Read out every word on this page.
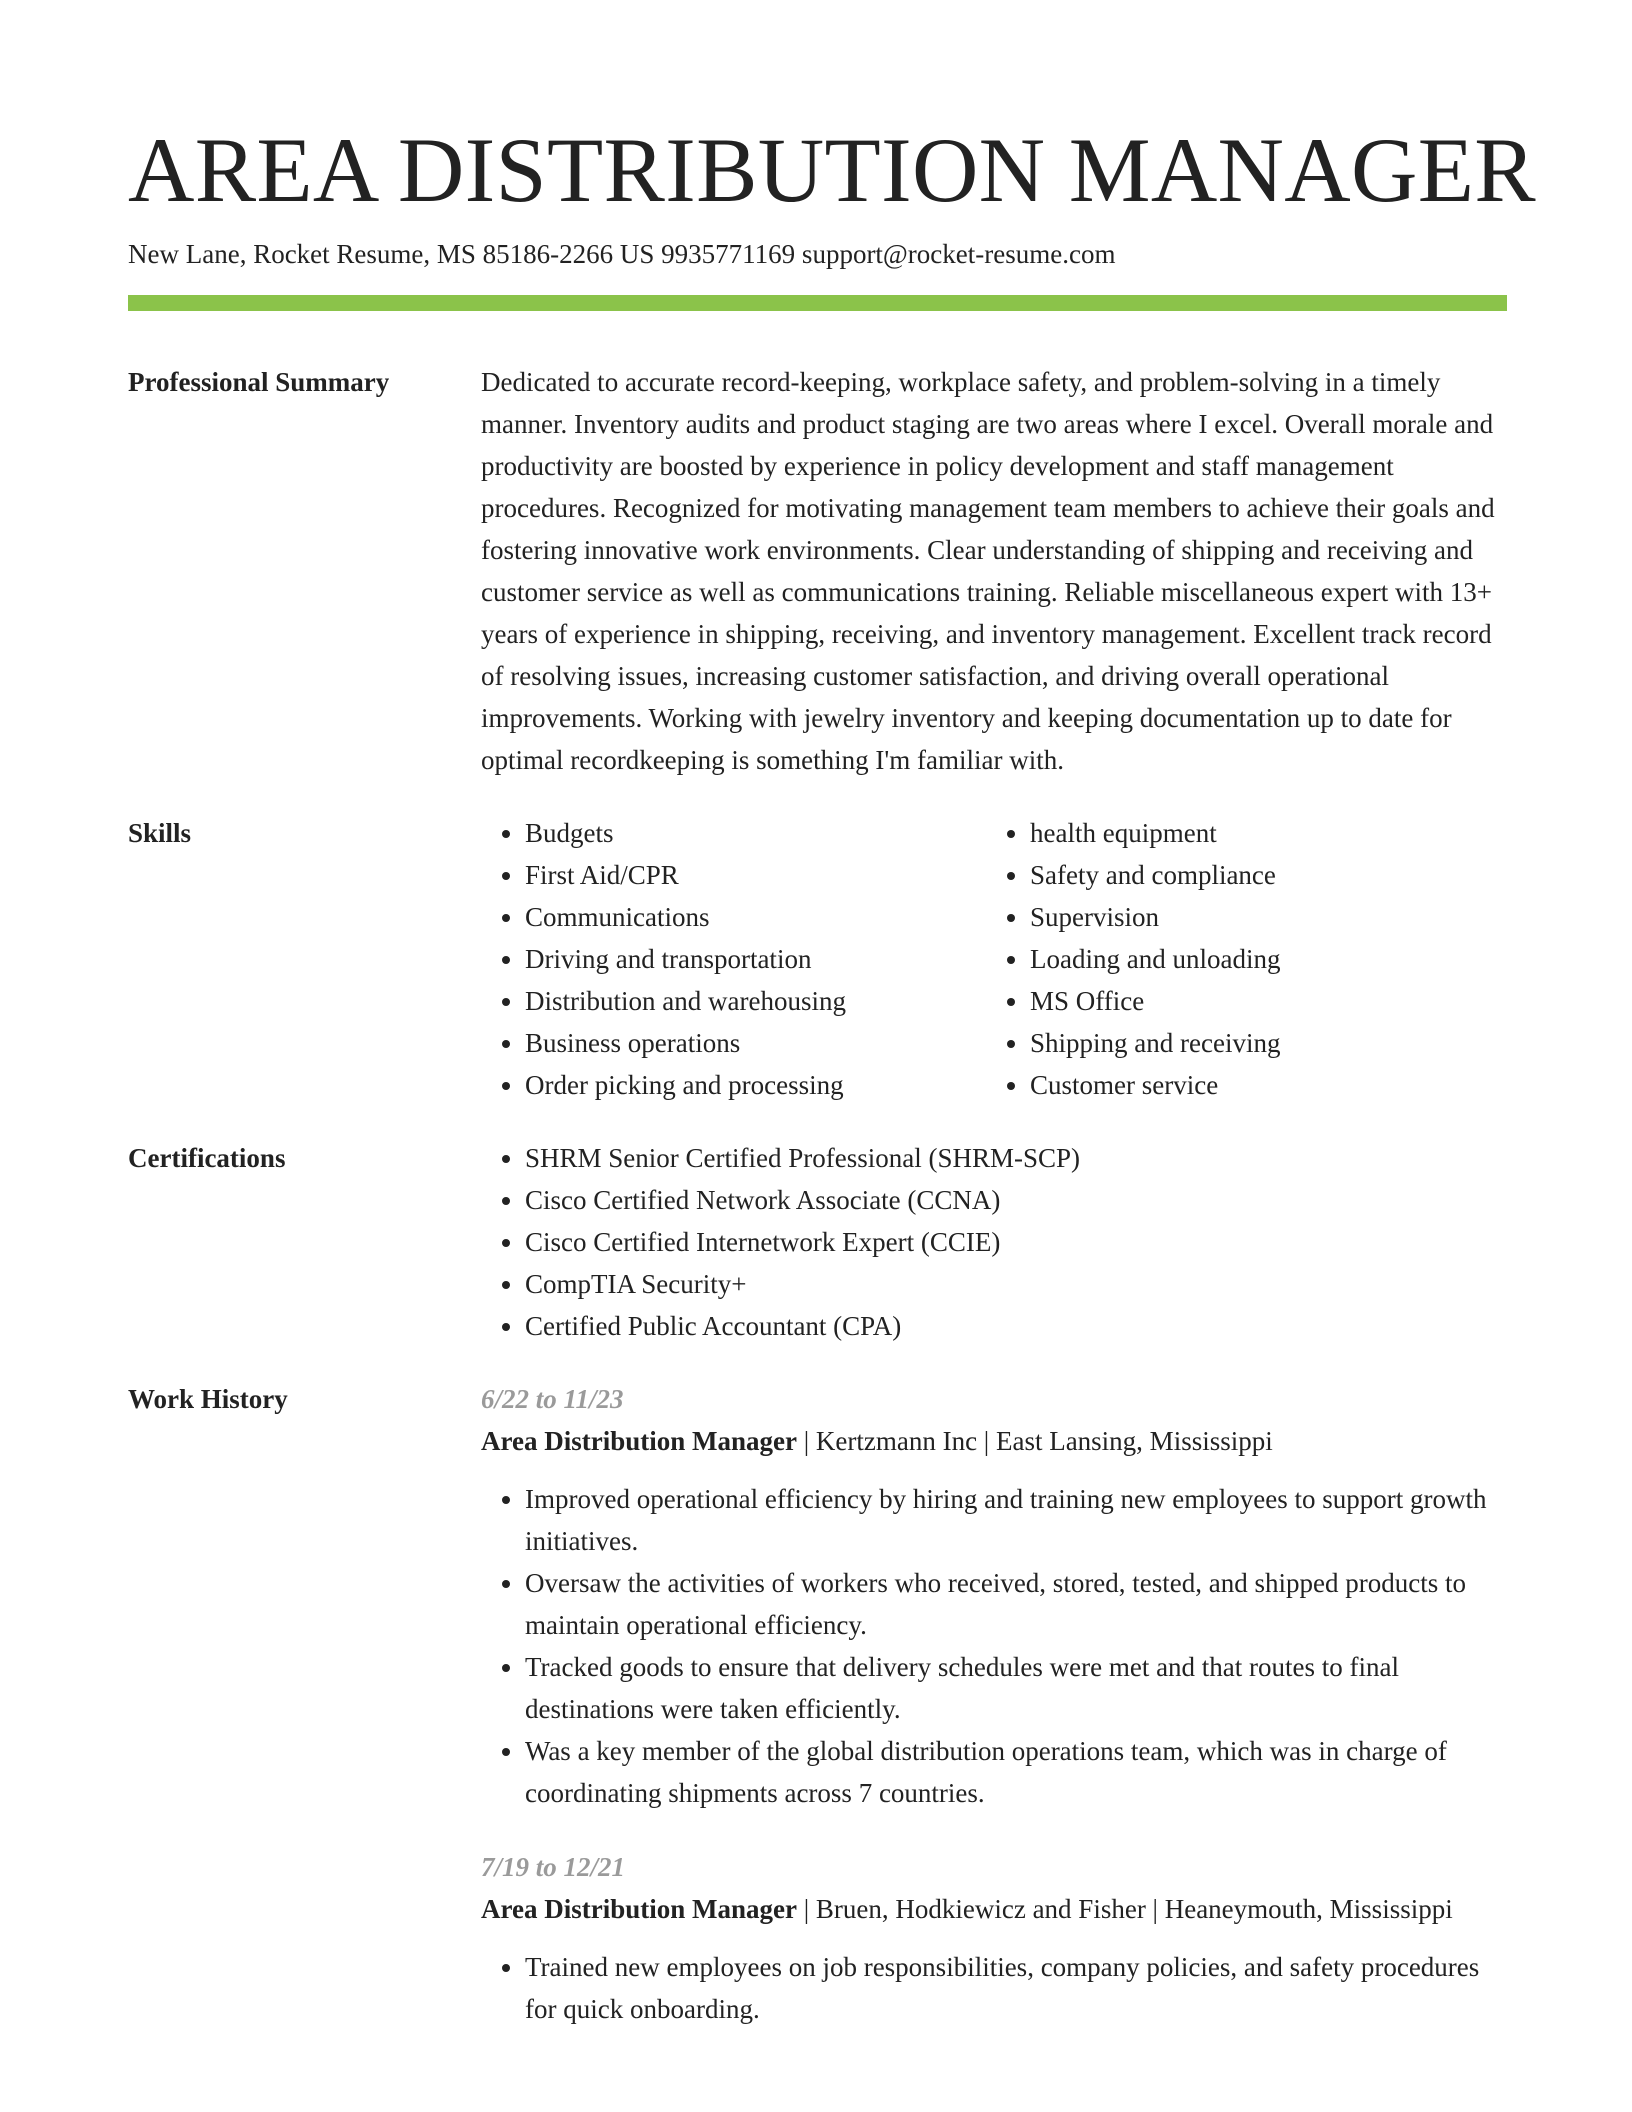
AREA DISTRIBUTION MANAGER
New Lane, Rocket Resume, MS 85186-2266 US 9935771169 support@rocket-resume.com
Professional Summary	Dedicated to accurate record-keeping, workplace safety, and problem-solving in a timely manner. Inventory audits and product staging are two areas where I excel. Overall morale and productivity are boosted by experience in policy development and staff management procedures. Recognized for motivating management team members to achieve their goals and fostering innovative work environments. Clear understanding of shipping and receiving and customer service as well as communications training. Reliable miscellaneous expert with 13+ years of experience in shipping, receiving, and inventory management. Excellent track record of resolving issues, increasing customer satisfaction, and driving overall operational improvements. Working with jewelry inventory and keeping documentation up to date for optimal recordkeeping is something I'm familiar with.

Skills	• Budgets
• First Aid/CPR
• Communications
• Driving and transportation
• Distribution and warehousing
• Business operations
• Order picking and processing
• health equipment
• Safety and compliance
• Supervision
• Loading and unloading
• MS Office
• Shipping and receiving
• Customer service
Certifications	• SHRM Senior Certified Professional (SHRM-SCP)
• Cisco Certified Network Associate (CCNA)
• Cisco Certified Internetwork Expert (CCIE)
• CompTIA Security+
• Certified Public Accountant (CPA)
Work History	6/22 to 11/23
Area Distribution Manager | Kertzmann Inc | East Lansing, Mississippi
• Improved operational efficiency by hiring and training new employees to support growth initiatives.
• Oversaw the activities of workers who received, stored, tested, and shipped products to maintain operational efficiency.
• Tracked goods to ensure that delivery schedules were met and that routes to final destinations were taken efficiently.
• Was a key member of the global distribution operations team, which was in charge of coordinating shipments across 7 countries.
7/19 to 12/21
Area Distribution Manager | Bruen, Hodkiewicz and Fisher | Heaneymouth, Mississippi
• Trained new employees on job responsibilities, company policies, and safety procedures for quick onboarding.
